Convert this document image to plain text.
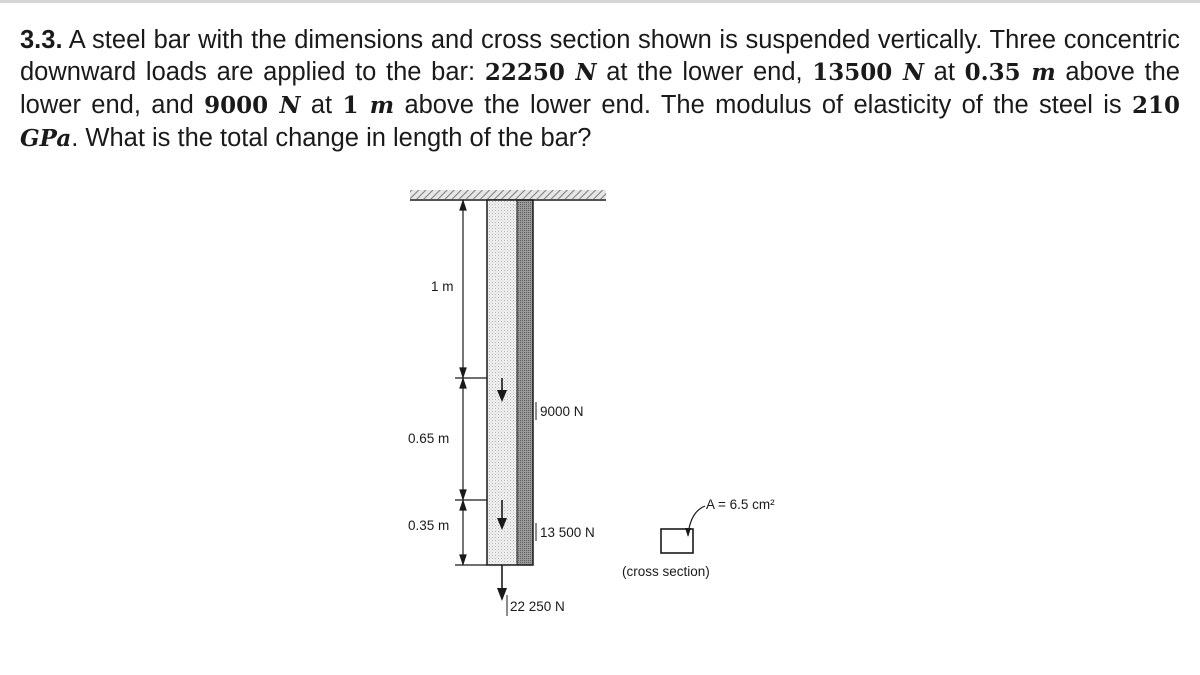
3.3. A steel bar with the dimensions and cross section shown is suspended vertically. Three concentric downward loads are applied to the bar: 22250 N at the lower end, 13500 N at 0.35 m above the lower end, and 9000 N at 1 m above the lower end. The modulus of elasticity of the steel is 210 GPa. What is the total change in length of the bar?

1 m
0.65 m
0.35 m
9000 N
13 500 N
22 250 N
A = 6.5 cm²
(cross section)
